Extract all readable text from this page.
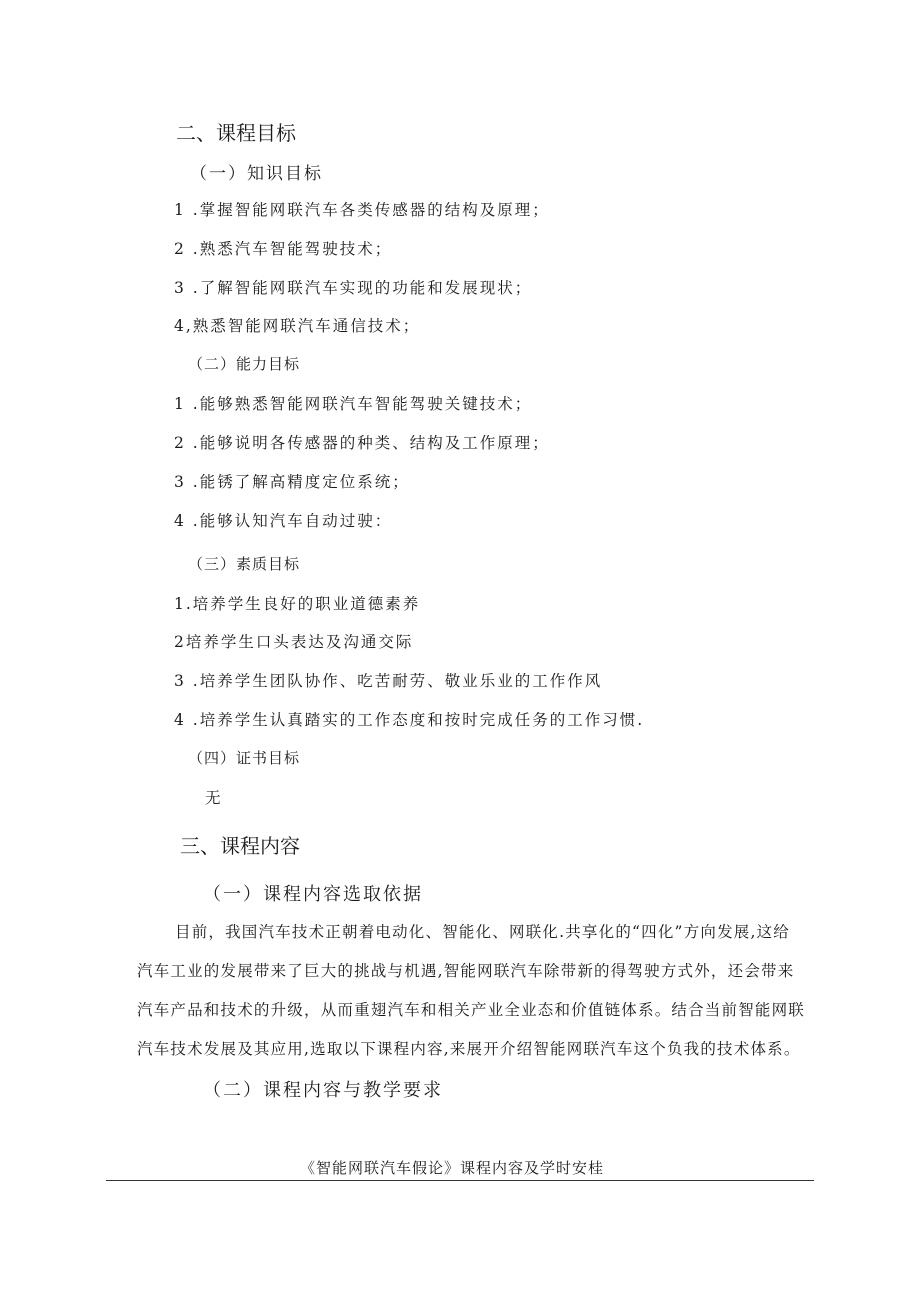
二、课程目标
（一）知识目标
1 .掌握智能网联汽车各类传感器的结构及原理；
2 .熟悉汽车智能驾驶技术；
3 .了解智能网联汽车实现的功能和发展现状；
4,熟悉智能网联汽车通信技术；
（二）能力目标
1 .能够熟悉智能网联汽车智能驾驶关键技术；
2 .能够说明各传感器的种类、结构及工作原理；
3 .能锈了解高精度定位系统；
4 .能够认知汽车自动过驶：
（三）素质目标
1.培养学生良好的职业道德素养
2培养学生口头表达及沟通交际
3 .培养学生团队协作、吃苦耐劳、敬业乐业的工作作风
4 .培养学生认真踏实的工作态度和按时完成任务的工作习惯.
（四）证书目标
无
三、课程内容
（一）课程内容选取依据
目前，我国汽车技术正朝着电动化、智能化、网联化.共享化的“四化”方向发展,这给
汽车工业的发展带来了巨大的挑战与机遇,智能网联汽车除带新的得驾驶方式外，还会带来
汽车产品和技术的升级，从而重翅汽车和相关产业全业态和价值链体系。结合当前智能网联
汽车技术发展及其应用,选取以下课程内容,来展开介绍智能网联汽车这个负我的技术体系。
（二）课程内容与教学要求
《智能网联汽车假论》课程内容及学时安桂
